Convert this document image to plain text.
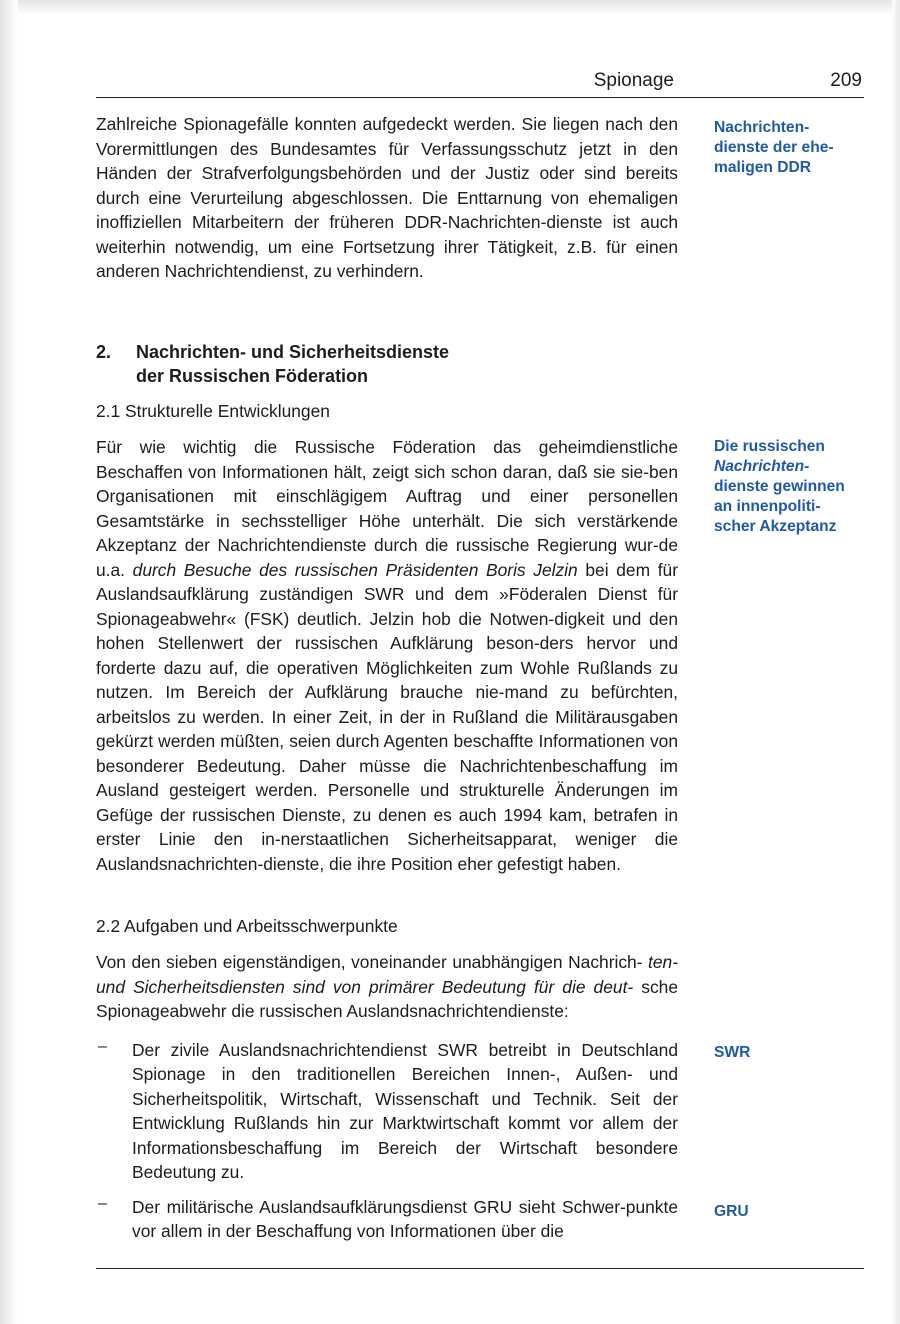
Spionage	209

Zahlreiche Spionagefälle konnten aufgedeckt werden. Sie liegen nach den Vorermittlungen des Bundesamtes für Verfassungsschutz jetzt in den Händen der Strafverfolgungsbehörden und der Justiz oder sind bereits durch eine Verurteilung abgeschlossen. Die Enttarnung von ehemaligen inoffiziellen Mitarbeitern der früheren DDR-Nachrichten-dienste ist auch weiterhin notwendig, um eine Fortsetzung ihrer Tätigkeit, z.B. für einen anderen Nachrichtendienst, zu verhindern.

2. Nachrichten- und Sicherheitsdienste
der Russischen Föderation

2.1 Strukturelle Entwicklungen

Für wie wichtig die Russische Föderation das geheimdienstliche Beschaffen von Informationen hält, zeigt sich schon daran, daß sie sie-ben Organisationen mit einschlägigem Auftrag und einer personellen Gesamtstärke in sechsstelliger Höhe unterhält. Die sich verstärkende Akzeptanz der Nachrichtendienste durch die russische Regierung wur-de u.a. durch Besuche des russischen Präsidenten Boris Jelzin bei dem für Auslandsaufklärung zuständigen SWR und dem »Föderalen Dienst für Spionageabwehr« (FSK) deutlich. Jelzin hob die Notwen-digkeit und den hohen Stellenwert der russischen Aufklärung beson-ders hervor und forderte dazu auf, die operativen Möglichkeiten zum Wohle Rußlands zu nutzen. Im Bereich der Aufklärung brauche nie-mand zu befürchten, arbeitslos zu werden. In einer Zeit, in der in Rußland die Militärausgaben gekürzt werden müßten, seien durch Agenten beschaffte Informationen von besonderer Bedeutung. Daher müsse die Nachrichtenbeschaffung im Ausland gesteigert werden. Personelle und strukturelle Änderungen im Gefüge der russischen Dienste, zu denen es auch 1994 kam, betrafen in erster Linie den in-nerstaatlichen Sicherheitsapparat, weniger die Auslandsnachrichten-dienste, die ihre Position eher gefestigt haben.

2.2 Aufgaben und Arbeitsschwerpunkte

Von den sieben eigenständigen, voneinander unabhängigen Nachrich- ten- und Sicherheitsdiensten sind von primärer Bedeutung für die deut- sche Spionageabwehr die russischen Auslandsnachrichtendienste:

– Der zivile Auslandsnachrichtendienst SWR betreibt in Deutschland Spionage in den traditionellen Bereichen Innen-, Außen- und Sicherheitspolitik, Wirtschaft, Wissenschaft und Technik. Seit der Entwicklung Rußlands hin zur Marktwirtschaft kommt vor allem der Informationsbeschaffung im Bereich der Wirtschaft besondere Bedeutung zu.

– Der militärische Auslandsaufklärungsdienst GRU sieht Schwer-punkte vor allem in der Beschaffung von Informationen über die

Nachrichten-
dienste der ehe-
maligen DDR
Die russischen
Nachrichten-
dienste gewinnen
an innenpoliti-
scher Akzeptanz
SWR
GRU
